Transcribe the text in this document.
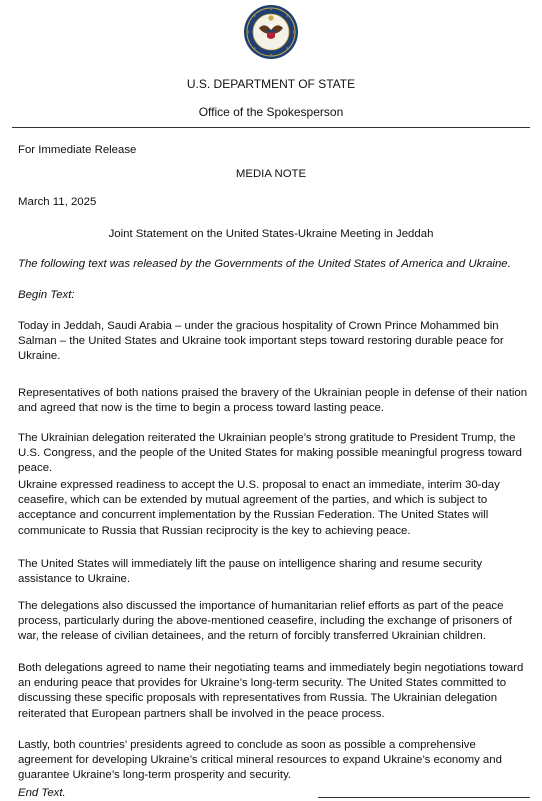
U.S. DEPARTMENT OF STATE
Office of the Spokesperson

For Immediate Release

MEDIA NOTE

March 11, 2025

Joint Statement on the United States-Ukraine Meeting in Jeddah

The following text was released by the Governments of the United States of America and Ukraine.

Begin Text:

Today in Jeddah, Saudi Arabia – under the gracious hospitality of Crown Prince Mohammed bin Salman – the United States and Ukraine took important steps toward restoring durable peace for Ukraine.

Representatives of both nations praised the bravery of the Ukrainian people in defense of their nation and agreed that now is the time to begin a process toward lasting peace.

The Ukrainian delegation reiterated the Ukrainian people’s strong gratitude to President Trump, the U.S. Congress, and the people of the United States for making possible meaningful progress toward peace.

Ukraine expressed readiness to accept the U.S. proposal to enact an immediate, interim 30-day ceasefire, which can be extended by mutual agreement of the parties, and which is subject to acceptance and concurrent implementation by the Russian Federation. The United States will communicate to Russia that Russian reciprocity is the key to achieving peace.

The United States will immediately lift the pause on intelligence sharing and resume security assistance to Ukraine.

The delegations also discussed the importance of humanitarian relief efforts as part of the peace process, particularly during the above-mentioned ceasefire, including the exchange of prisoners of war, the release of civilian detainees, and the return of forcibly transferred Ukrainian children.

Both delegations agreed to name their negotiating teams and immediately begin negotiations toward an enduring peace that provides for Ukraine’s long-term security. The United States committed to discussing these specific proposals with representatives from Russia. The Ukrainian delegation reiterated that European partners shall be involved in the peace process.

Lastly, both countries’ presidents agreed to conclude as soon as possible a comprehensive agreement for developing Ukraine’s critical mineral resources to expand Ukraine’s economy and guarantee Ukraine’s long-term prosperity and security.

End Text.
